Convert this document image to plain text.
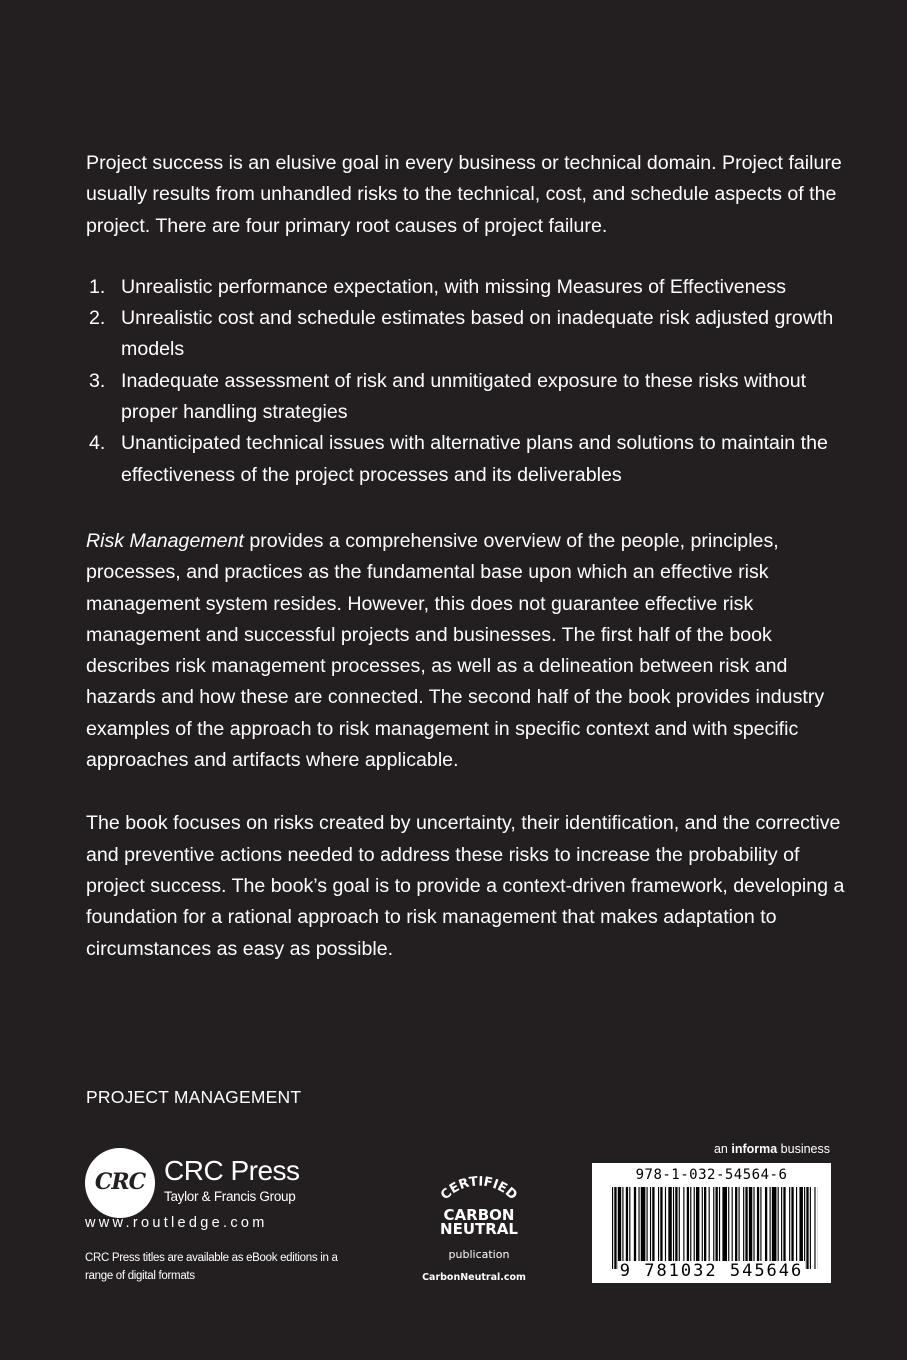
Project success is an elusive goal in every business or technical domain. Project failure usually results from unhandled risks to the technical, cost, and schedule aspects of the project. There are four primary root causes of project failure.

1. Unrealistic performance expectation, with missing Measures of Effectiveness
2. Unrealistic cost and schedule estimates based on inadequate risk adjusted growth models
3. Inadequate assessment of risk and unmitigated exposure to these risks without proper handling strategies
4. Unanticipated technical issues with alternative plans and solutions to maintain the effectiveness of the project processes and its deliverables

Risk Management provides a comprehensive overview of the people, principles, processes, and practices as the fundamental base upon which an effective risk management system resides. However, this does not guarantee effective risk management and successful projects and businesses. The first half of the book describes risk management processes, as well as a delineation between risk and hazards and how these are connected. The second half of the book provides industry examples of the approach to risk management in specific context and with specific approaches and artifacts where applicable.

The book focuses on risks created by uncertainty, their identification, and the corrective and preventive actions needed to address these risks to increase the probability of project success. The book’s goal is to provide a context-driven framework, developing a foundation for a rational approach to risk management that makes adaptation to circumstances as easy as possible.

PROJECT MANAGEMENT
CRC CRC Press
Taylor & Francis Group
www.routledge.com
CRC Press titles are available as eBook editions in a range of digital formats
CERTIFIED
CARBON
NEUTRAL
publication
CarbonNeutral.com
an informa business
978-1-032-54564-6
9 781032 545646
